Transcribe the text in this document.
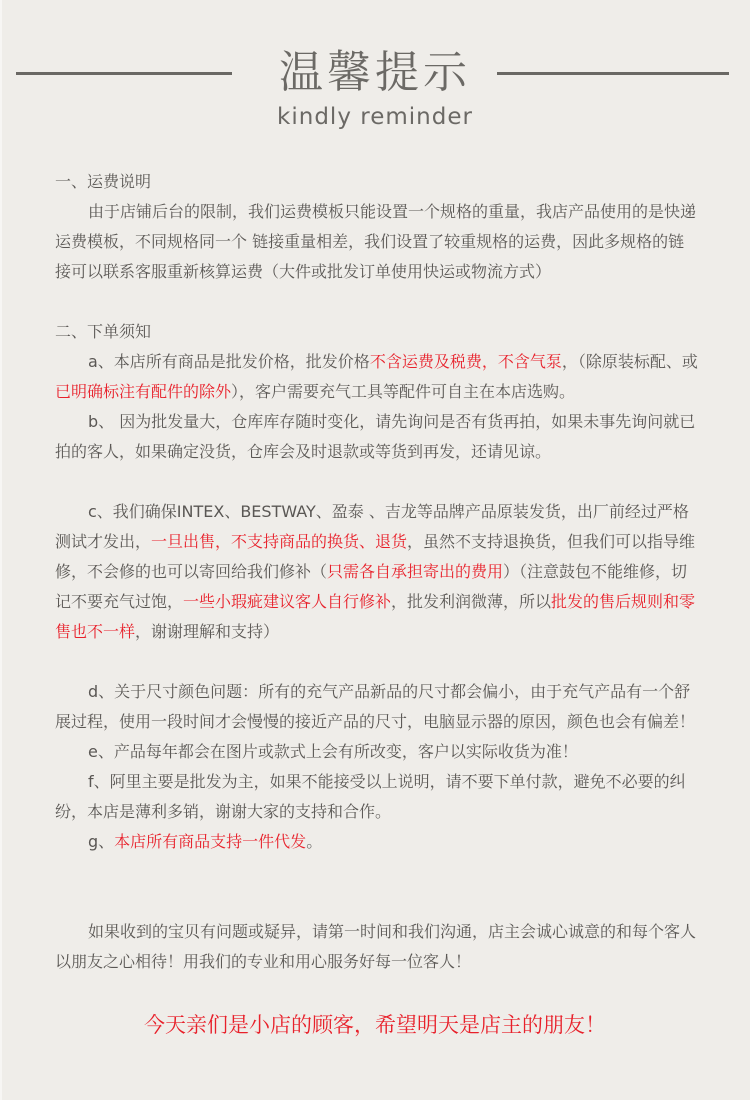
温馨提示
kindly reminder

一、运费说明

由于店铺后台的限制，我们运费模板只能设置一个规格的重量，我店产品使用的是快递运费模板，不同规格同一个 链接重量相差，我们设置了较重规格的运费，因此多规格的链接可以联系客服重新核算运费（大件或批发订单使用快运或物流方式）

二、下单须知

a、本店所有商品是批发价格，批发价格不含运费及税费，不含气泵，（除原装标配、或已明确标注有配件的除外），客户需要充气工具等配件可自主在本店选购。

b、 因为批发量大，仓库库存随时变化，请先询问是否有货再拍，如果未事先询问就已拍的客人，如果确定没货，仓库会及时退款或等货到再发，还请见谅。

c、我们确保INTEX、BESTWAY、盈泰 、吉龙等品牌产品原装发货，出厂前经过严格测试才发出，一旦出售，不支持商品的换货、退货，虽然不支持退换货，但我们可以指导维修，不会修的也可以寄回给我们修补（只需各自承担寄出的费用）（注意鼓包不能维修，切记不要充气过饱，一些小瑕疵建议客人自行修补，批发利润微薄，所以批发的售后规则和零售也不一样，谢谢理解和支持）

d、关于尺寸颜色问题：所有的充气产品新品的尺寸都会偏小，由于充气产品有一个舒展过程，使用一段时间才会慢慢的接近产品的尺寸，电脑显示器的原因，颜色也会有偏差！

e、产品每年都会在图片或款式上会有所改变，客户以实际收货为准！

f、阿里主要是批发为主，如果不能接受以上说明，请不要下单付款，避免不必要的纠纷，本店是薄利多销，谢谢大家的支持和合作。

g、本店所有商品支持一件代发。

如果收到的宝贝有问题或疑异，请第一时间和我们沟通，店主会诚心诚意的和每个客人以朋友之心相待！用我们的专业和用心服务好每一位客人！

今天亲们是小店的顾客，希望明天是店主的朋友！
